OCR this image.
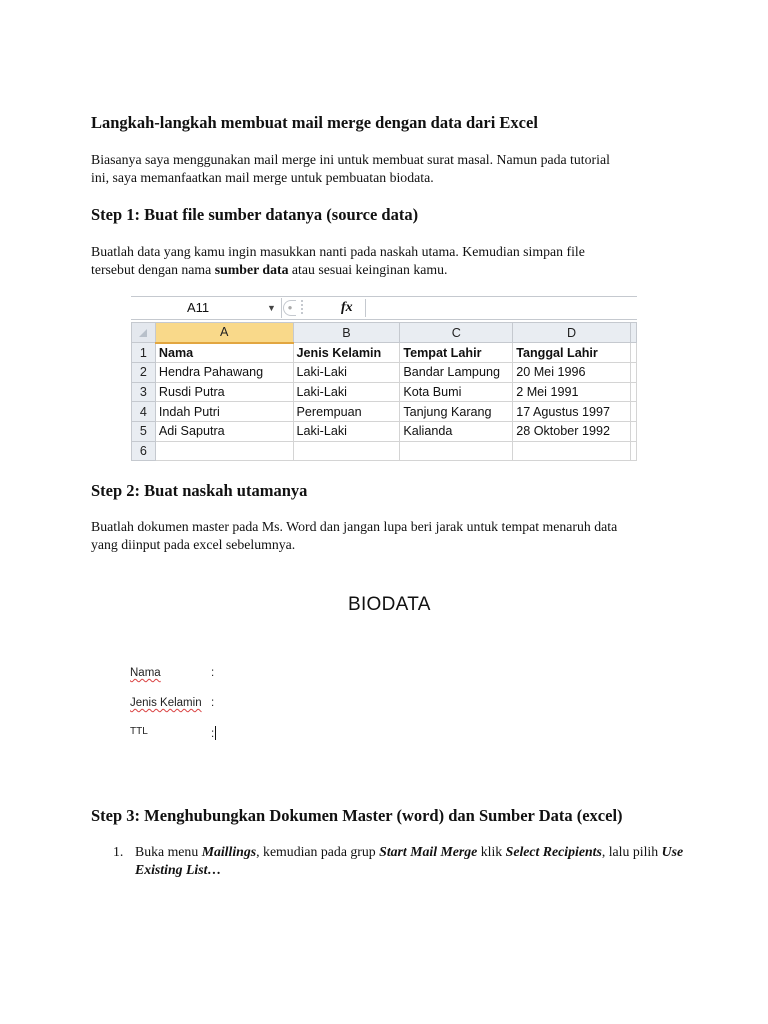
Langkah-langkah membuat mail merge dengan data dari Excel
Biasanya saya menggunakan mail merge ini untuk membuat surat masal. Namun pada tutorial
ini, saya memanfaatkan mail merge untuk pembuatan biodata.
Step 1: Buat file sumber datanya (source data)
Buatlah data yang kamu ingin masukkan nanti pada naskah utama. Kemudian simpan file
tersebut dengan nama sumber data atau sesuai keinginan kamu.
A11	▼	●	fx
	A	B	C	D	
1	Nama	Jenis Kelamin	Tempat Lahir	Tanggal Lahir	
2	Hendra Pahawang	Laki-Laki	Bandar Lampung	20 Mei 1996	
3	Rusdi Putra	Laki-Laki	Kota Bumi	2 Mei 1991	
4	Indah Putri	Perempuan	Tanjung Karang	17 Agustus 1997	
5	Adi Saputra	Laki-Laki	Kalianda	28 Oktober 1992	
6					
Step 2: Buat naskah utamanya
Buatlah dokumen master pada Ms. Word dan jangan lupa beri jarak untuk tempat menaruh data
yang diinput pada excel sebelumnya.
BIODATA
Nama	:
Jenis Kelamin :
TTL	:
Step 3: Menghubungkan Dokumen Master (word) dan Sumber Data (excel)
1. Buka menu Maillings, kemudian pada grup Start Mail Merge klik Select Recipients, lalu pilih Use Existing List…
